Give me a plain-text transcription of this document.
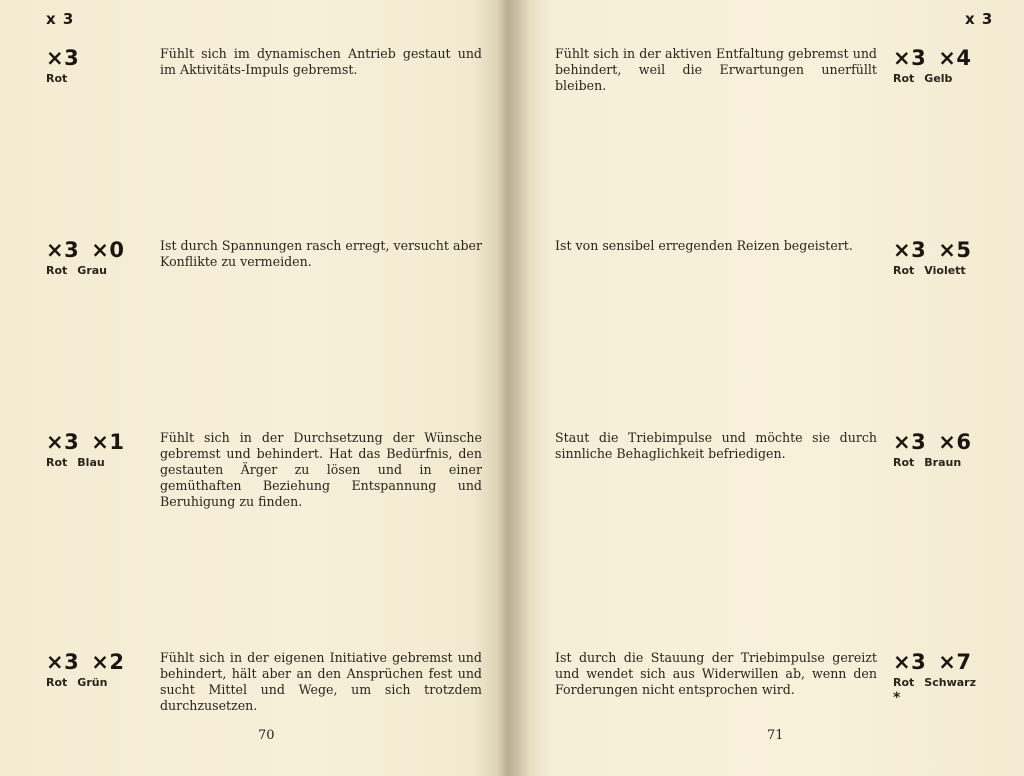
x 3
×3
Rot
Fühlt sich im dynamischen Antrieb gestaut und im Aktivitäts-Impuls gebremst.
×3 ×0
Rot Grau
Ist durch Spannungen rasch erregt, versucht aber Konflikte zu vermeiden.
×3 ×1
Rot Blau
Fühlt sich in der Durchsetzung der Wünsche gebremst und behindert. Hat das Bedürfnis, den gestauten Ärger zu lösen und in einer gemüthaften Beziehung Entspannung und Beruhigung zu finden.
×3 ×2
Rot Grün
Fühlt sich in der eigenen Initiative gebremst und behindert, hält aber an den Ansprüchen fest und sucht Mittel und Wege, um sich trotzdem durchzusetzen.
70
x 3
Fühlt sich in der aktiven Entfaltung gebremst und behindert, weil die Erwartungen unerfüllt bleiben.
×3 ×4
Rot Gelb
Ist von sensibel erregenden Reizen begeistert.	×3 ×5
Rot Violett
Staut die Triebimpulse und möchte sie durch sinnliche Behaglichkeit befriedigen.	×3 ×6
Rot Braun
Ist durch die Stauung der Triebimpulse gereizt und wendet sich aus Widerwillen ab, wenn den Forderungen nicht entsprochen wird.
×3 ×7
Rot Schwarz
*
71
